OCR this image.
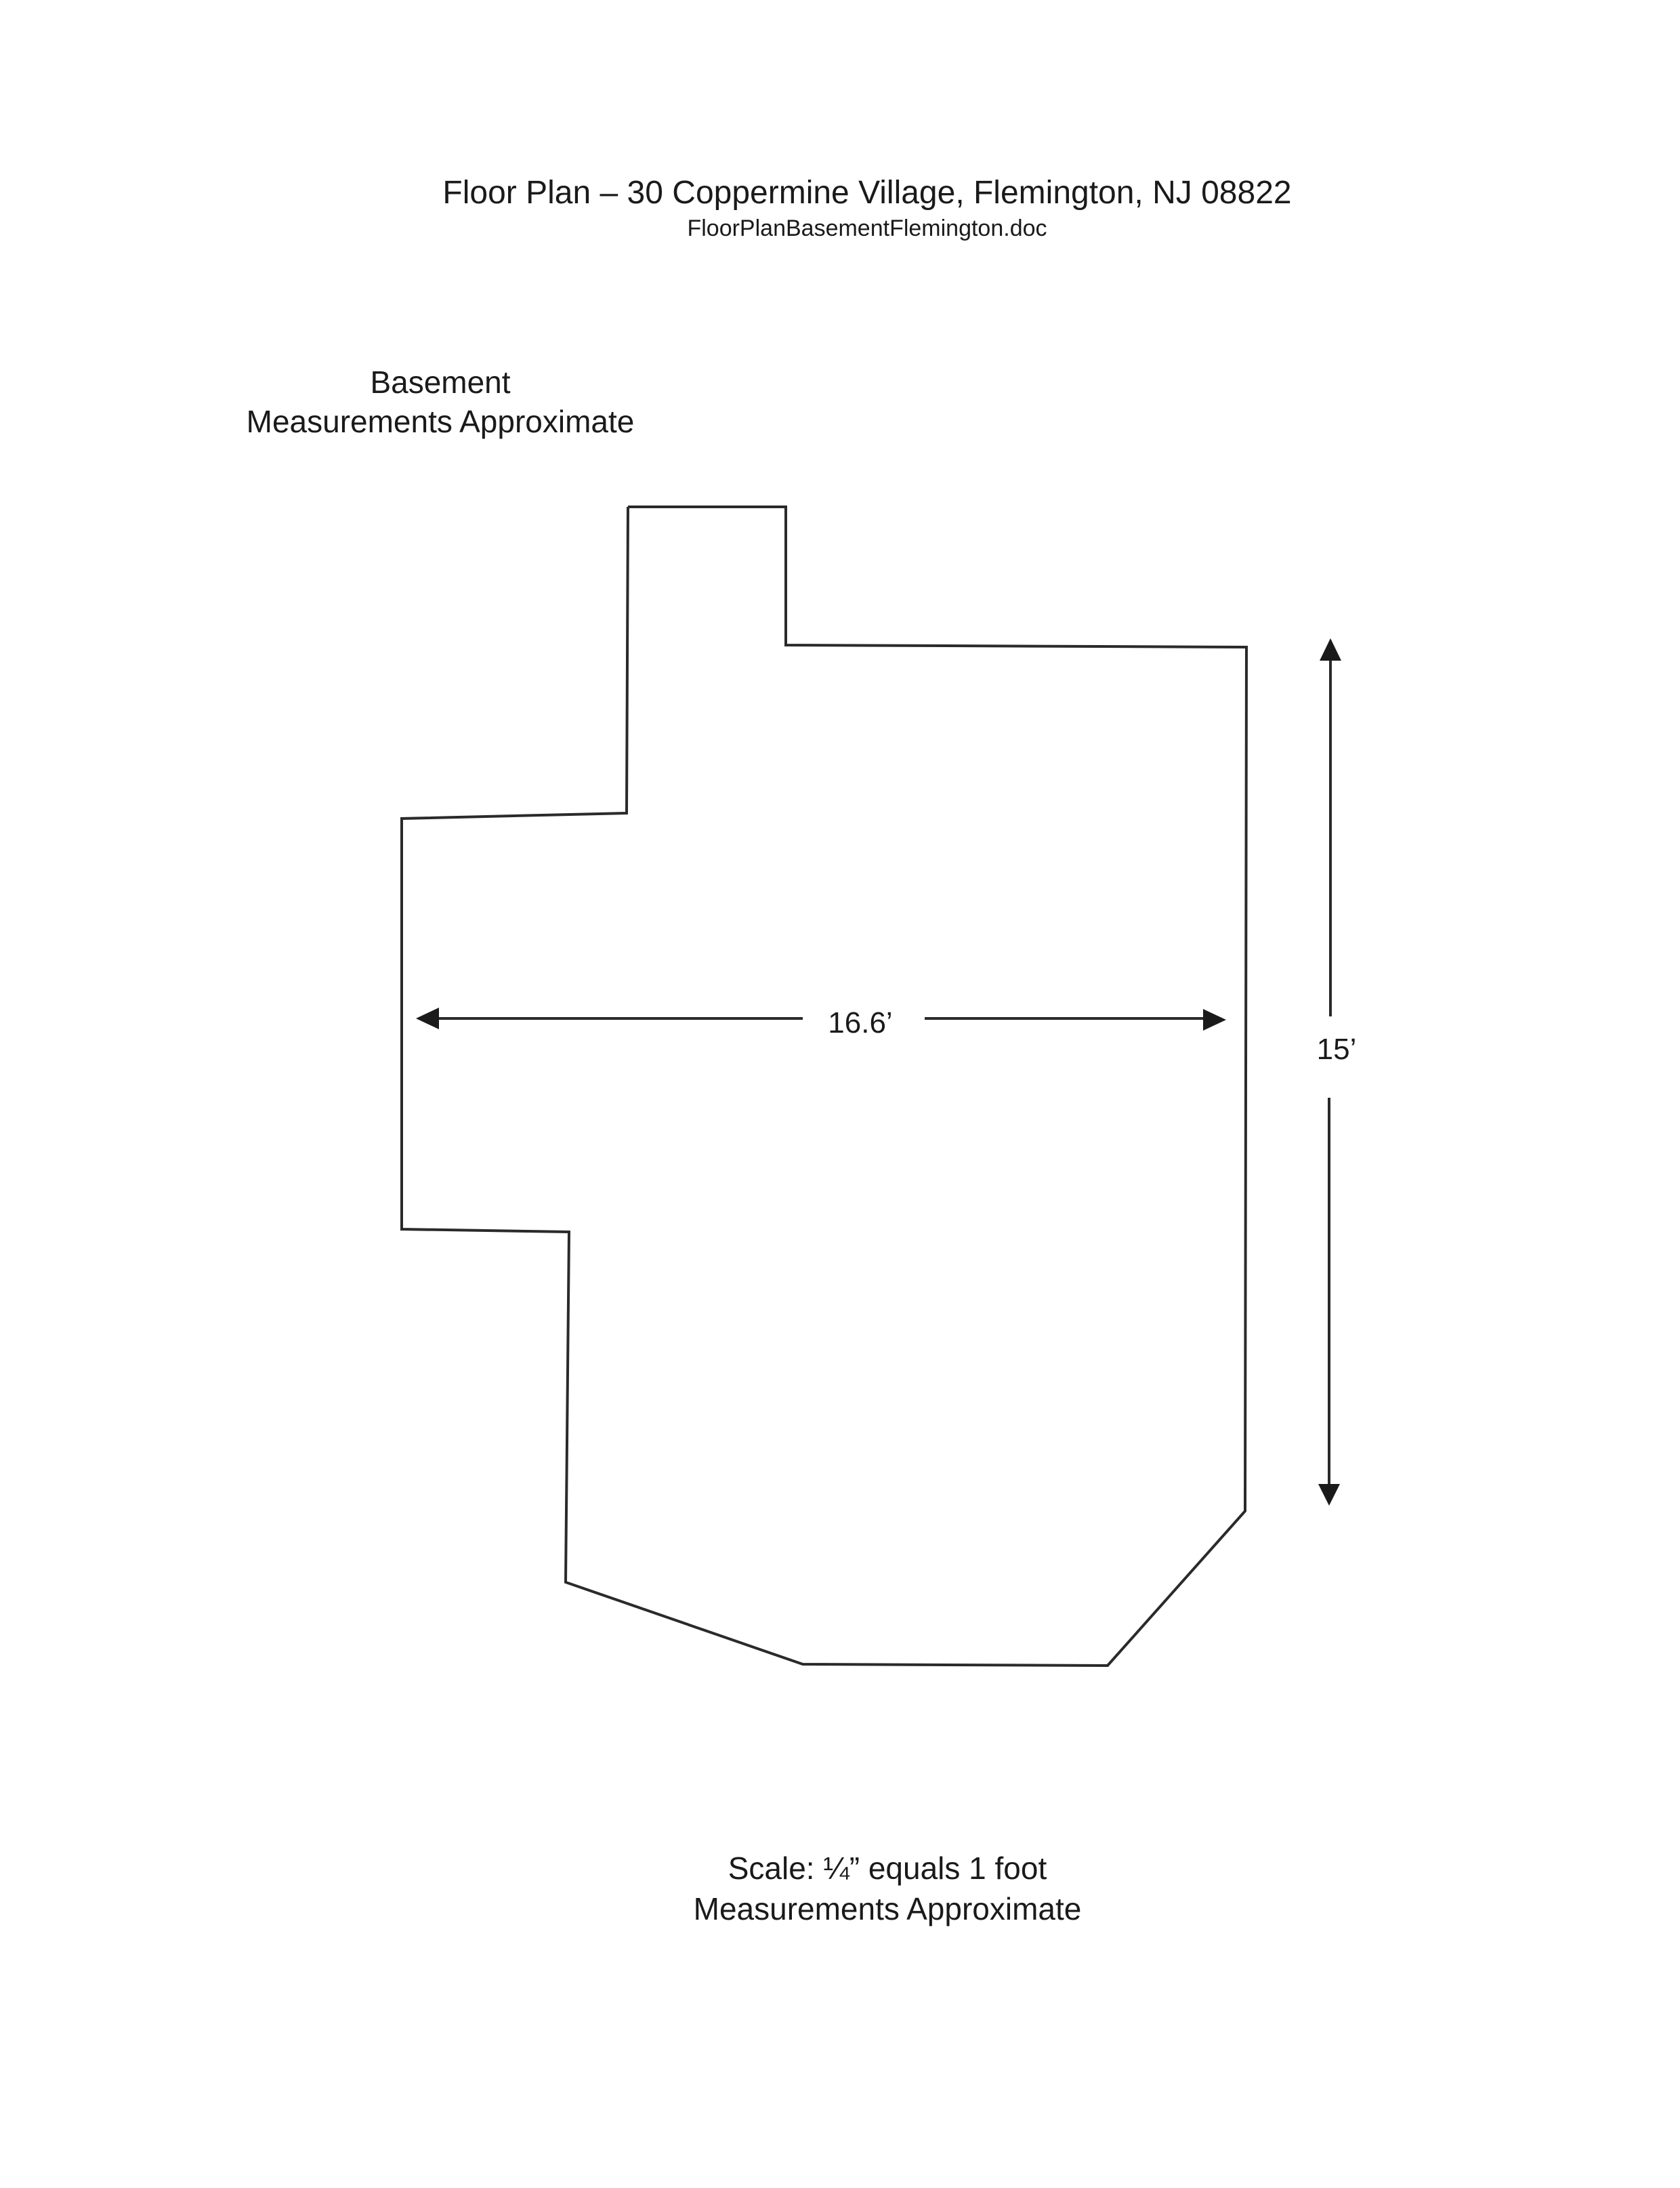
Floor Plan – 30 Coppermine Village, Flemington, NJ 08822
FloorPlanBasementFlemington.doc
Basement
Measurements Approximate
16.6’
15’
Scale: ¼” equals 1 foot
Measurements Approximate
